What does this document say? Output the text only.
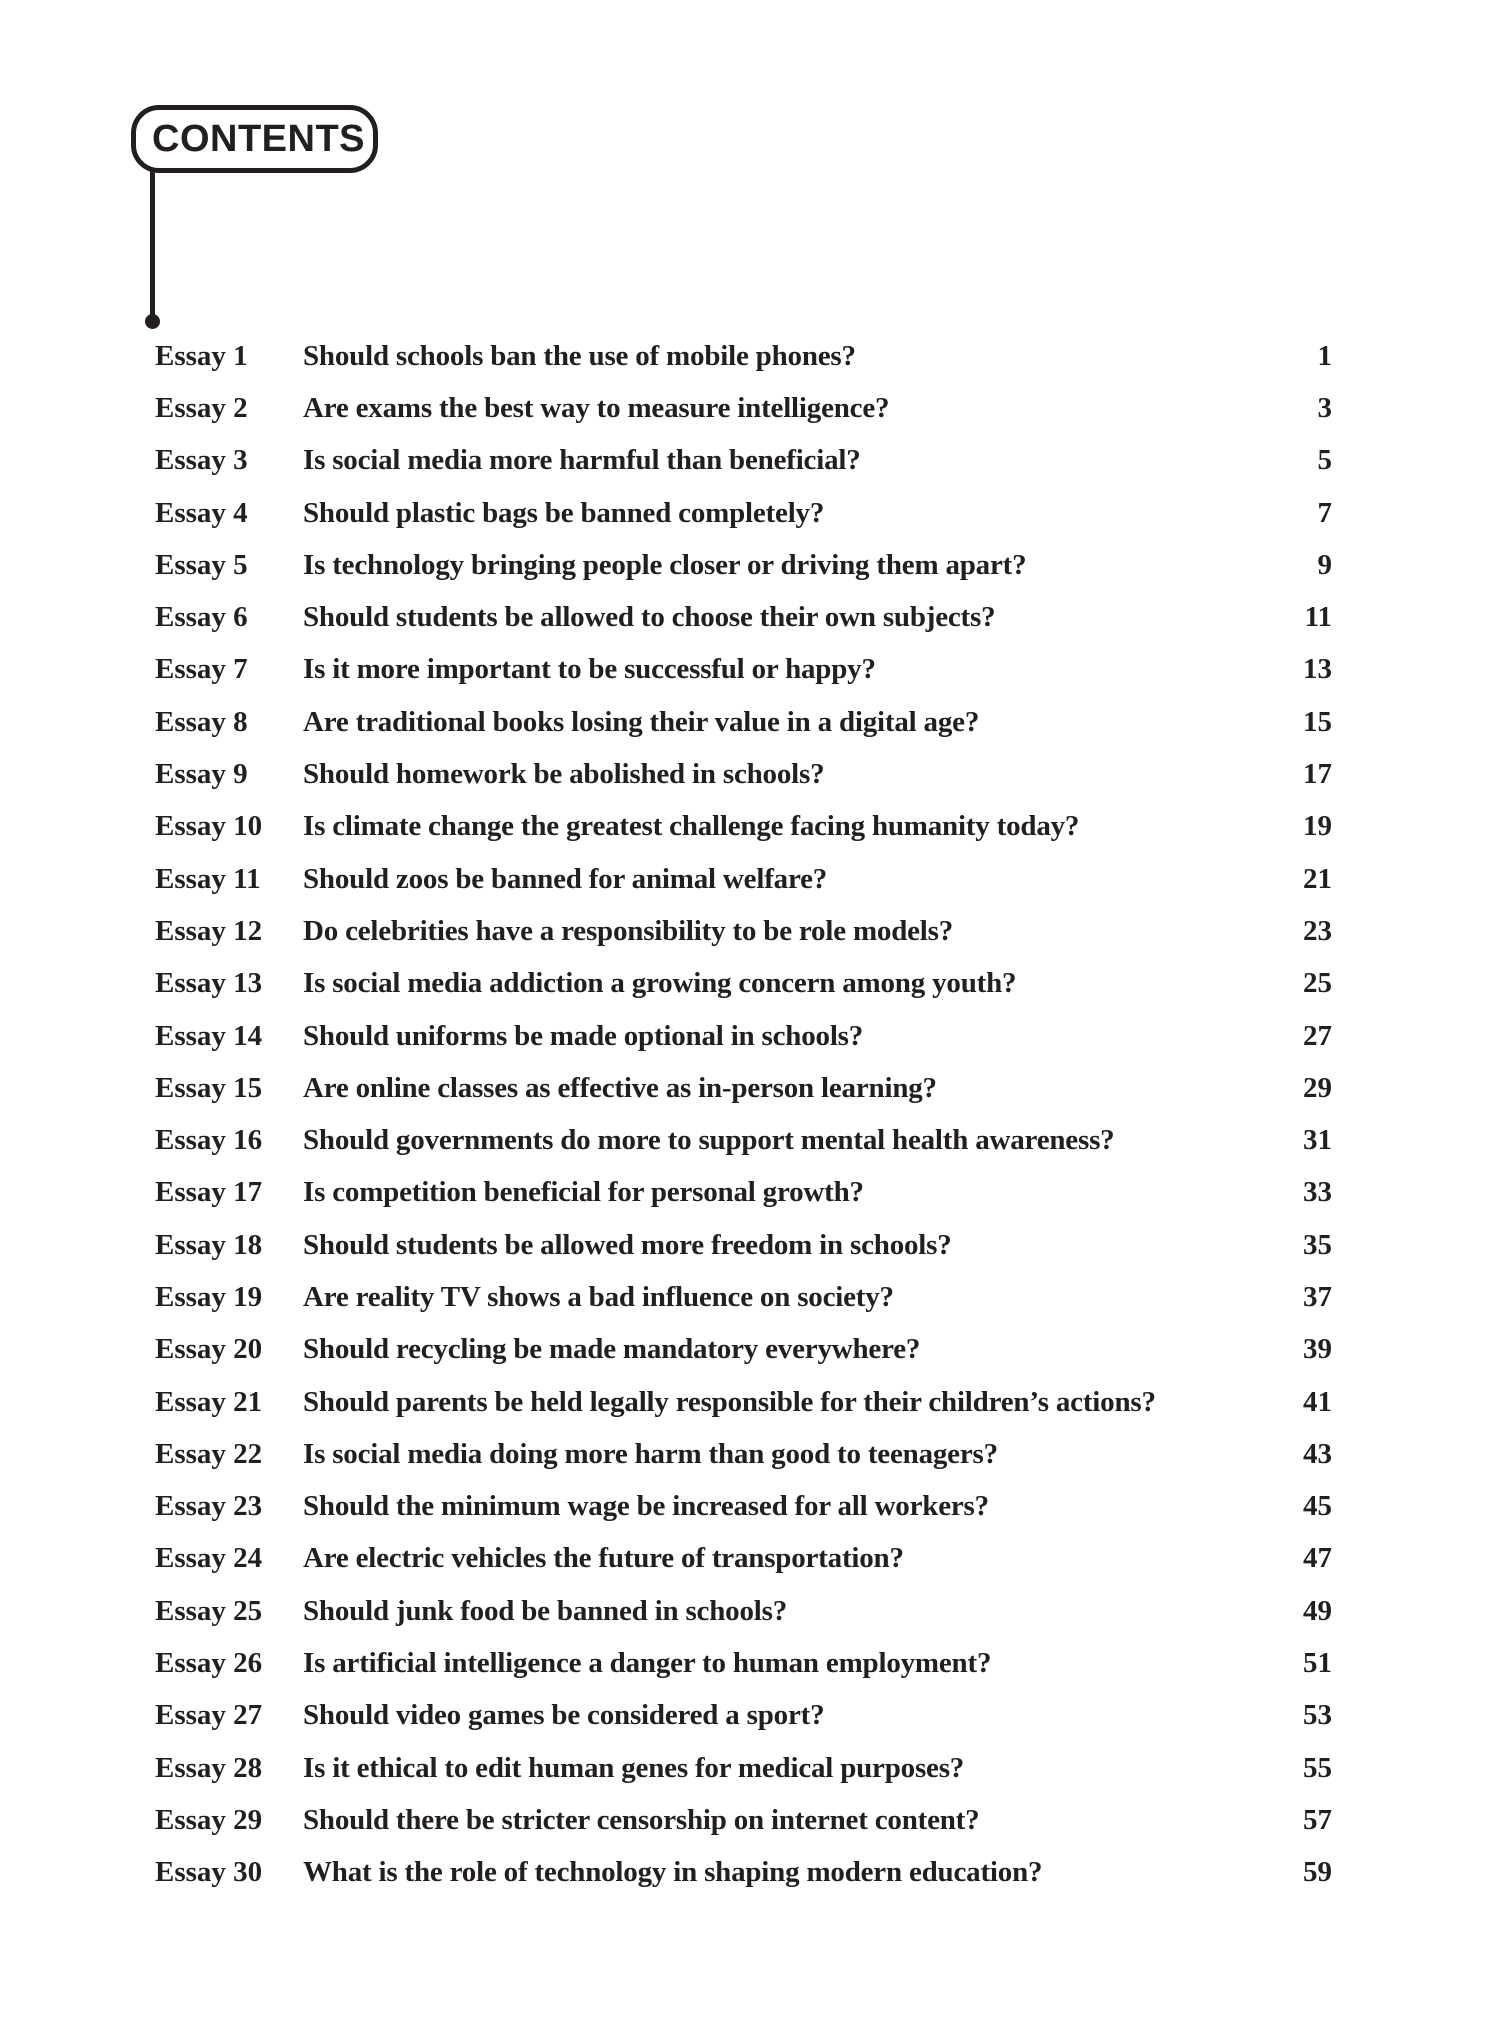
CONTENTS
Essay 1	Should schools ban the use of mobile phones?	1
Essay 2	Are exams the best way to measure intelligence?	3
Essay 3	Is social media more harmful than beneficial?	5
Essay 4	Should plastic bags be banned completely?	7
Essay 5	Is technology bringing people closer or driving them apart?	9
Essay 6	Should students be allowed to choose their own subjects?	11
Essay 7	Is it more important to be successful or happy?	13
Essay 8	Are traditional books losing their value in a digital age?	15
Essay 9	Should homework be abolished in schools?	17
Essay 10	Is climate change the greatest challenge facing humanity today?	19
Essay 11	Should zoos be banned for animal welfare?	21
Essay 12	Do celebrities have a responsibility to be role models?	23
Essay 13	Is social media addiction a growing concern among youth?	25
Essay 14	Should uniforms be made optional in schools?	27
Essay 15	Are online classes as effective as in-person learning?	29
Essay 16	Should governments do more to support mental health awareness?	31
Essay 17	Is competition beneficial for personal growth?	33
Essay 18	Should students be allowed more freedom in schools?	35
Essay 19	Are reality TV shows a bad influence on society?	37
Essay 20	Should recycling be made mandatory everywhere?	39
Essay 21	Should parents be held legally responsible for their children’s actions?	41
Essay 22	Is social media doing more harm than good to teenagers?	43
Essay 23	Should the minimum wage be increased for all workers?	45
Essay 24	Are electric vehicles the future of transportation?	47
Essay 25	Should junk food be banned in schools?	49
Essay 26	Is artificial intelligence a danger to human employment?	51
Essay 27	Should video games be considered a sport?	53
Essay 28	Is it ethical to edit human genes for medical purposes?	55
Essay 29	Should there be stricter censorship on internet content?	57
Essay 30	What is the role of technology in shaping modern education?	59
